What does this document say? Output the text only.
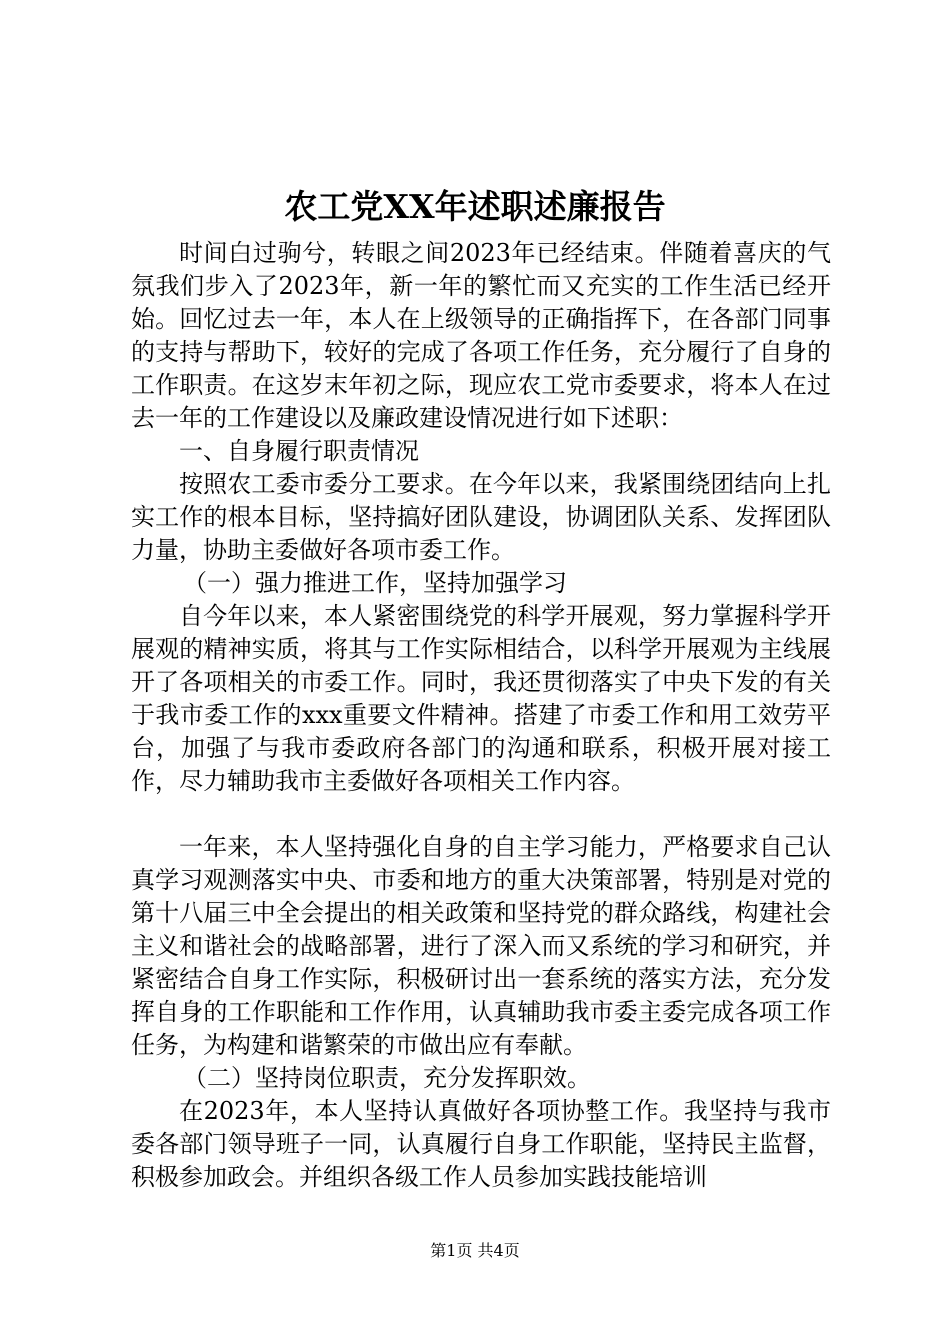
农工党XX年述职述廉报告

时间白过驹兮，转眼之间2023年已经结束。伴随着喜庆的气氛我们步入了2023年，新一年的繁忙而又充实的工作生活已经开始。回忆过去一年，本人在上级领导的正确指挥下，在各部门同事的支持与帮助下，较好的完成了各项工作任务，充分履行了自身的工作职责。在这岁末年初之际，现应农工党市委要求，将本人在过去一年的工作建设以及廉政建设情况进行如下述职：

一、自身履行职责情况

按照农工委市委分工要求。在今年以来，我紧围绕团结向上扎实工作的根本目标，坚持搞好团队建设，协调团队关系、发挥团队力量，协助主委做好各项市委工作。

（一）强力推进工作，坚持加强学习

自今年以来，本人紧密围绕党的科学开展观，努力掌握科学开展观的精神实质，将其与工作实际相结合，以科学开展观为主线展开了各项相关的市委工作。同时，我还贯彻落实了中央下发的有关于我市委工作的xxx重要文件精神。搭建了市委工作和用工效劳平台，加强了与我市委政府各部门的沟通和联系，积极开展对接工作，尽力辅助我市主委做好各项相关工作内容。

一年来，本人坚持强化自身的自主学习能力，严格要求自己认真学习观测落实中央、市委和地方的重大决策部署，特别是对党的第十八届三中全会提出的相关政策和坚持党的群众路线，构建社会主义和谐社会的战略部署，进行了深入而又系统的学习和研究，并紧密结合自身工作实际，积极研讨出一套系统的落实方法，充分发挥自身的工作职能和工作作用，认真辅助我市委主委完成各项工作任务，为构建和谐繁荣的市做出应有奉献。

（二）坚持岗位职责，充分发挥职效。

在2023年，本人坚持认真做好各项协整工作。我坚持与我市委各部门领导班子一同，认真履行自身工作职能，坚持民主监督，积极参加政会。并组织各级工作人员参加实践技能培训

第1页 共4页
